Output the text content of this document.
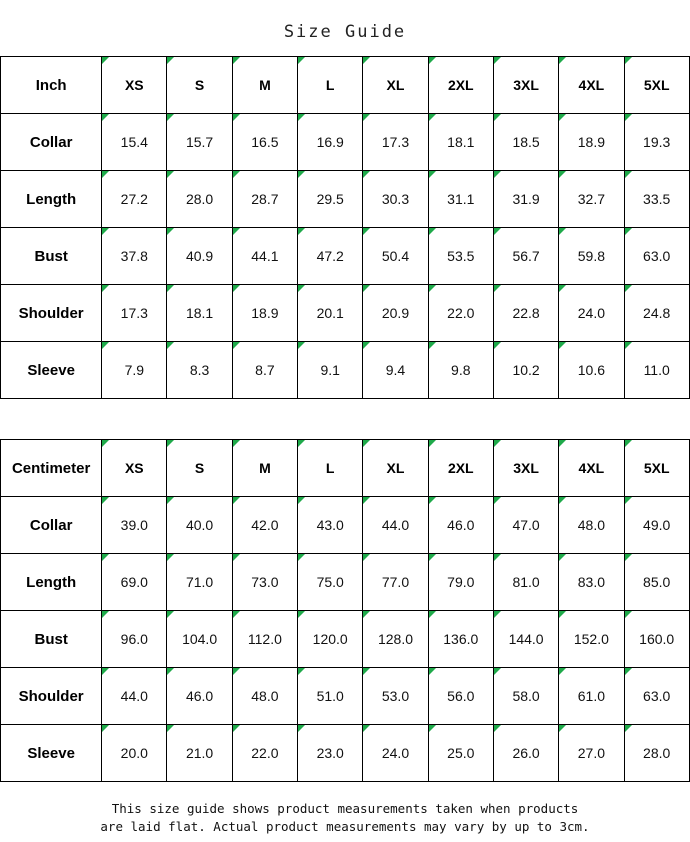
Size Guide
Inch	XS	S	M	L	XL	2XL	3XL	4XL	5XL
Collar	15.4	15.7	16.5	16.9	17.3	18.1	18.5	18.9	19.3
Length	27.2	28.0	28.7	29.5	30.3	31.1	31.9	32.7	33.5
Bust	37.8	40.9	44.1	47.2	50.4	53.5	56.7	59.8	63.0
Shoulder	17.3	18.1	18.9	20.1	20.9	22.0	22.8	24.0	24.8
Sleeve	7.9	8.3	8.7	9.1	9.4	9.8	10.2	10.6	11.0
Centimeter	XS	S	M	L	XL	2XL	3XL	4XL	5XL
Collar	39.0	40.0	42.0	43.0	44.0	46.0	47.0	48.0	49.0
Length	69.0	71.0	73.0	75.0	77.0	79.0	81.0	83.0	85.0
Bust	96.0	104.0	112.0	120.0	128.0	136.0	144.0	152.0	160.0
Shoulder	44.0	46.0	48.0	51.0	53.0	56.0	58.0	61.0	63.0
Sleeve	20.0	21.0	22.0	23.0	24.0	25.0	26.0	27.0	28.0
This size guide shows product measurements taken when products
are laid flat. Actual product measurements may vary by up to 3cm.
